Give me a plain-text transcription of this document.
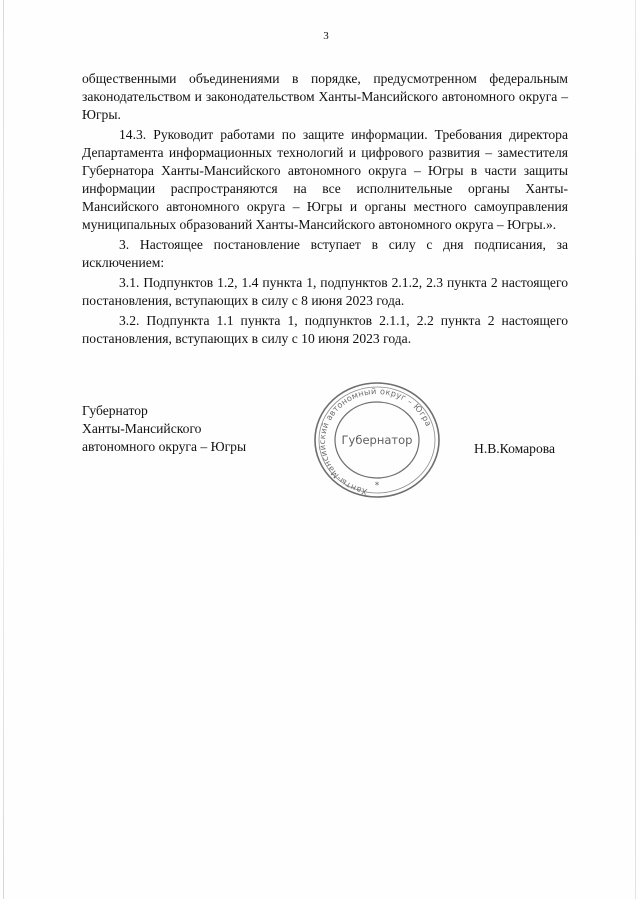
3

общественными объединениями в порядке, предусмотренном федеральным законодательством и законодательством Ханты-Мансийского автономного округа – Югры.

14.3. Руководит работами по защите информации. Требования директора Департамента информационных технологий и цифрового развития – заместителя Губернатора Ханты-Мансийского автономного округа – Югры в части защиты информации распространяются на все исполнительные органы Ханты-Мансийского автономного округа – Югры и органы местного самоуправления муниципальных образований Ханты-Мансийского автономного округа – Югры.».

3. Настоящее постановление вступает в силу с дня подписания, за исключением:

3.1. Подпунктов 1.2, 1.4 пункта 1, подпунктов 2.1.2, 2.3 пункта 2 настоящего постановления, вступающих в силу с 8 июня 2023 года.

3.2. Подпункта 1.1 пункта 1, подпунктов 2.1.1, 2.2 пункта 2 настоящего постановления, вступающих в силу с 10 июня 2023 года.

Губернатор
Ханты-Мансийского
автономного округа – Югры
Ханты-Мансийский автономный округ – Югра
Губернатор
*
Н.В.Комарова
